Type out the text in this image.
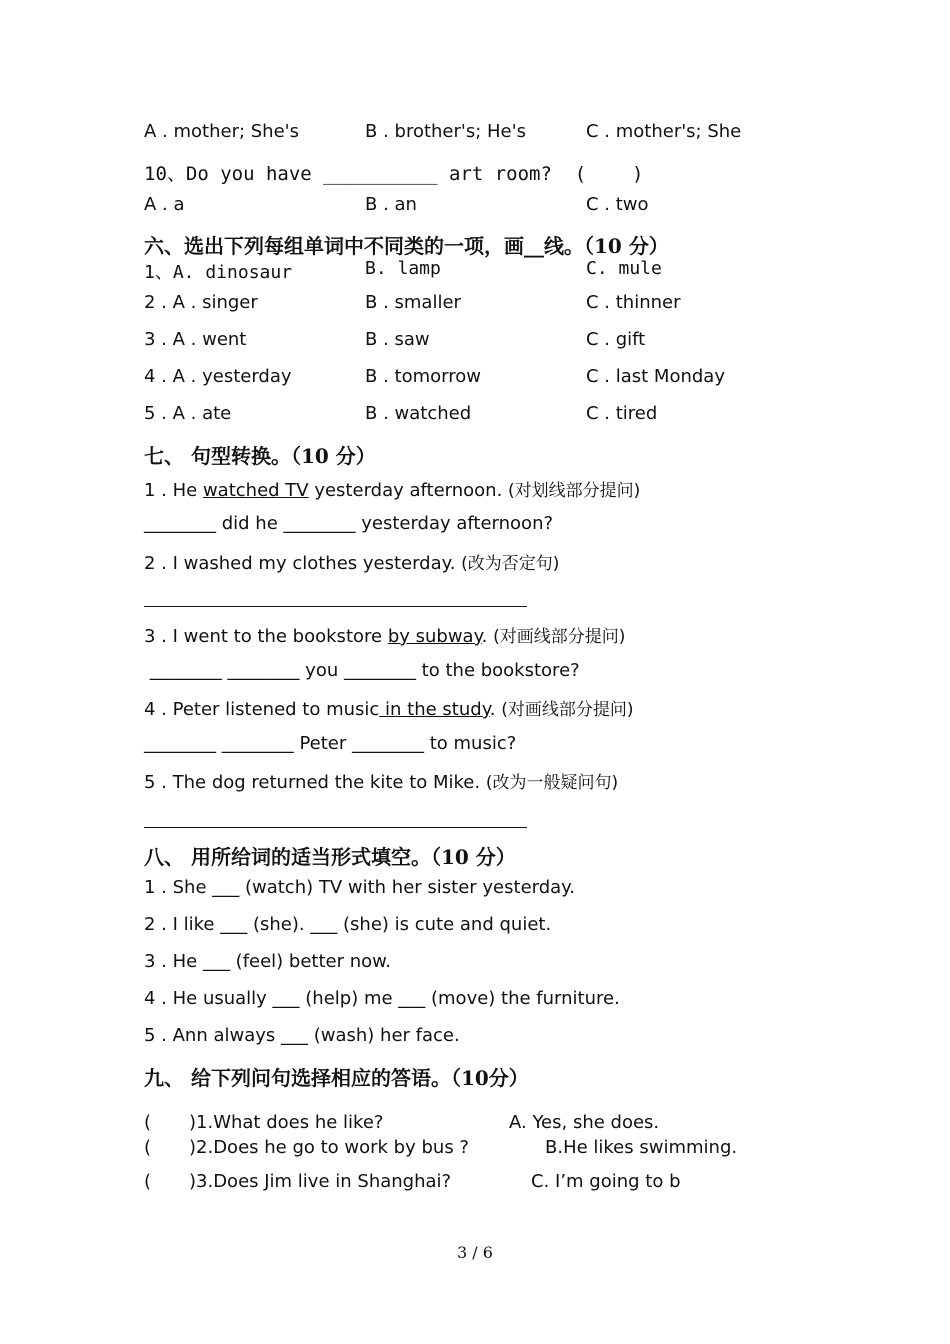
A . mother; She's	B . brother's; He's	C . mother's; She
10、Do you have __________ art room?  (    )
A . a	B . an	C . two
六、选出下列每组单词中不同类的一项，画__线。（10 分）
1、A. dinosaur	B. lamp	C. mule
2 . A . singer	B . smaller	C . thinner
3 . A . went	B . saw	C . gift
4 . A . yesterday	B . tomorrow	C . last Monday
5 . A . ate	B . watched	C . tired
七、 句型转换。（10 分）
1 . He watched TV yesterday afternoon. (对划线部分提问)
________ did he ________ yesterday afternoon?
2 . I washed my clothes yesterday. (改为否定句)
3 . I went to the bookstore by subway. (对画线部分提问)
________ ________ you ________ to the bookstore?
4 . Peter listened to music in the study. (对画线部分提问)
________ ________ Peter ________ to music?
5 . The dog returned the kite to Mike. (改为一般疑问句)
八、 用所给词的适当形式填空。（10 分）
1 . She ___ (watch) TV with her sister yesterday.
2 . I like ___ (she). ___ (she) is cute and quiet.
3 . He ___ (feel) better now.
4 . He usually ___ (help) me ___ (move) the furniture.
5 . Ann always ___ (wash) her face.
九、 给下列问句选择相应的答语。（10分）
( )1.What does he like?	A. Yes, she does.
( )2.Does he go to work by bus ?	B.He likes swimming.
( )3.Does Jim live in Shanghai?	C. I’m going to b
3 / 6
